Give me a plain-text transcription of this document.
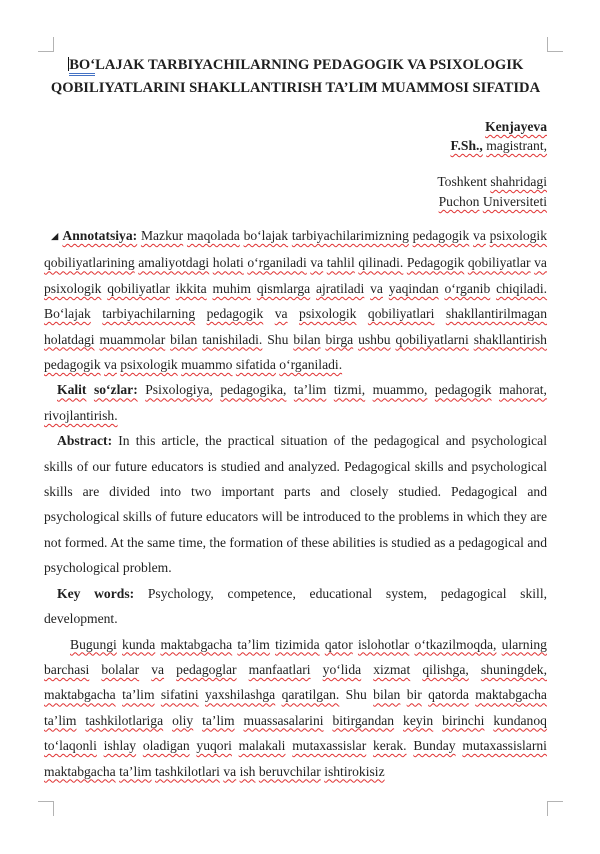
BO‘LAJAK TARBIYACHILARNING PEDAGOGIK VA PSIXOLOGIK QOBILIYATLARINI SHAKLLANTIRISH TA’LIM MUAMMOSI SIFATIDA

Kenjayeva

F.Sh., magistrant,

Toshkent shahridagi

Puchon Universiteti

◢ Annotatsiya: Mazkur maqolada bo‘lajak tarbiyachilarimizning pedagogik va psixologik qobiliyatlarining amaliyotdagi holati o‘rganiladi va tahlil qilinadi. Pedagogik qobiliyatlar va psixologik qobiliyatlar ikkita muhim qismlarga ajratiladi va yaqindan o‘rganib chiqiladi. Bo‘lajak tarbiyachilarning pedagogik va psixologik qobiliyatlari shakllantirilmagan holatdagi muammolar bilan tanishiladi. Shu bilan birga ushbu qobiliyatlarni shakllantirish pedagogik va psixologik muammo sifatida o‘rganiladi.

Kalit so‘zlar: Psixologiya, pedagogika, ta’lim tizmi, muammo, pedagogik mahorat, rivojlantirish.

Abstract: In this article, the practical situation of the pedagogical and psychological skills of our future educators is studied and analyzed. Pedagogical skills and psychological skills are divided into two important parts and closely studied. Pedagogical and psychological skills of future educators will be introduced to the problems in which they are not formed. At the same time, the formation of these abilities is studied as a pedagogical and psychological problem.

Key words: Psychology, competence, educational system, pedagogical skill, development.

Bugungi kunda maktabgacha ta’lim tizimida qator islohotlar o‘tkazilmoqda, ularning barchasi bolalar va pedagoglar manfaatlari yo‘lida xizmat qilishga, shuningdek, maktabgacha ta’lim sifatini yaxshilashga qaratilgan. Shu bilan bir qatorda maktabgacha ta’lim tashkilotlariga oliy ta’lim muassasalarini bitirgandan keyin birinchi kundanoq to‘laqonli ishlay oladigan yuqori malakali mutaxassislar kerak. Bunday mutaxassislarni maktabgacha ta’lim tashkilotlari va ish beruvchilar ishtirokisiz
